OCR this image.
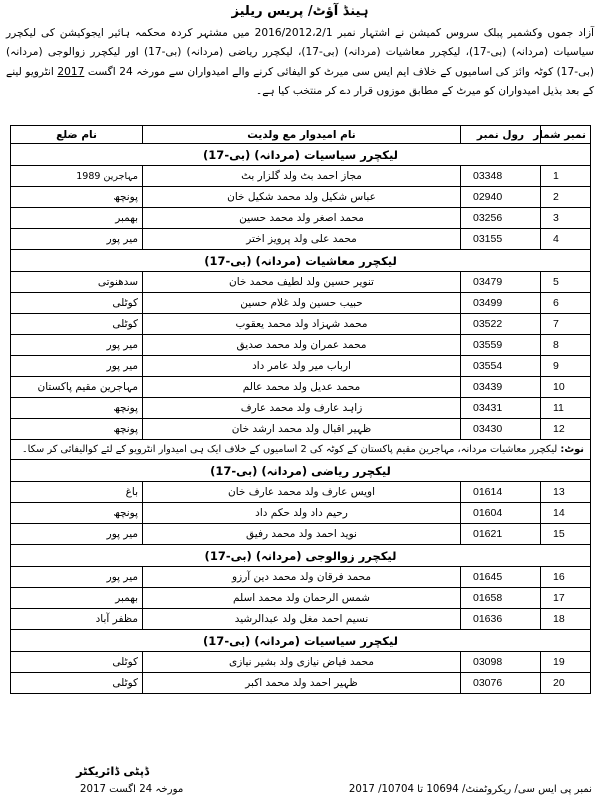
ہینڈ آؤٹ/ پریس ریلیز
آزاد جموں وکشمیر پبلک سروس کمیشن نے اشتہار نمبر 2016/2012،2/1 میں مشتہر کردہ محکمہ ہائیر ایجوکیشن کی لیکچرر سیاسیات (مردانہ) (بی-17)، لیکچرر معاشیات (مردانہ) (بی-17)، لیکچرر ریاضی (مردانہ) (بی-17) اور لیکچرر زوالوجی (مردانہ) (بی-17) کوٹہ وائز کی اسامیوں کے خلاف ایم ایس سی میرٹ کو الیفائی کرنے والے امیدواران سے مورخہ 24 اگست 2017 انٹرویو لینے کے بعد بذیل امیدواران کو میرٹ کے مطابق موزوں قرار دے کر منتخب کیا ہے۔
نمبر شمار	رول نمبر	نام امیدوار مع ولدیت	نام ضلع
لیکچرر سیاسیات (مردانہ) (بی-17)			
1	03348	مجاز احمد بٹ ولد گلزار بٹ	مہاجرین 1989
2	02940	عباس شکیل ولد محمد شکیل خان	پونچھ
3	03256	محمد اصغر ولد محمد حسین	بھمبر
4	03155	محمد علی ولد پرویز اختر	میر پور
لیکچرر معاشیات (مردانہ) (بی-17)			
5	03479	تنویر حسین ولد لطیف محمد خان	سدھنوتی
6	03499	حبیب حسین ولد غلام حسین	کوٹلی
7	03522	محمد شہزاد ولد محمد یعقوب	کوٹلی
8	03559	محمد عمران ولد محمد صدیق	میر پور
9	03554	ارباب میر ولد عامر داد	میر پور
10	03439	محمد عدیل ولد محمد عالم	مہاجرین مقیم پاکستان
11	03431	زاہد عارف ولد محمد عارف	پونچھ
12	03430	ظہیر اقبال ولد محمد ارشد خان	پونچھ
نوٹ: لیکچرر معاشیات مردانہ، مہاجرین مقیم پاکستان کے کوٹہ کی 2 اسامیوں کے خلاف ایک ہی امیدوار انٹرویو کے لئے کوالیفائی کر سکا۔			
لیکچرر ریاضی (مردانہ) (بی-17)			
13	01614	اویس عارف ولد محمد عارف خان	باغ
14	01604	رحیم داد ولد حکم داد	پونچھ
15	01621	نوید احمد ولد محمد رفیق	میر پور
لیکچرر زوالوجی (مردانہ) (بی-17)			
16	01645	محمد فرقان ولد محمد دین آرزو	میر پور
17	01658	شمس الرحمان ولد محمد اسلم	بھمبر
18	01636	نسیم احمد مغل ولد عبدالرشید	مظفر آباد
لیکچرر سیاسیات (مردانہ) (بی-17)			
19	03098	محمد فیاض نیازی ولد بشیر نیازی	کوٹلی
20	03076	ظہیر احمد ولد محمد اکبر	کوٹلی
ڈپٹی ڈائریکٹر
نمبر پی ایس سی/ ریکروٹمنٹ/ 10694 تا 10704/ 2017
مورخہ 24 اگست 2017
